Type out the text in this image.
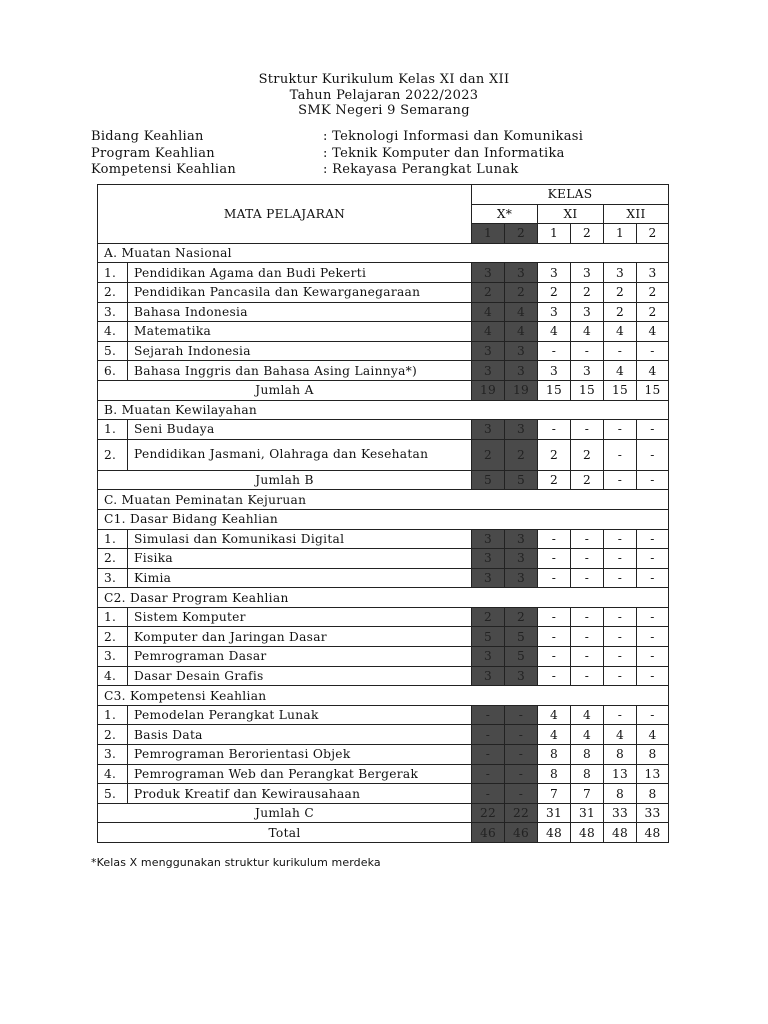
Struktur Kurikulum Kelas XI dan XII
Tahun Pelajaran 2022/2023
SMK Negeri 9 Semarang
Bidang Keahlian	: Teknologi Informasi dan Komunikasi
Program Keahlian	: Teknik Komputer dan Informatika
Kompetensi Keahlian	: Rekayasa Perangkat Lunak
MATA PELAJARAN		KELAS					
		X*		XI		XII	
		1	2	1	2	1	2
A. Muatan Nasional							
1.	Pendidikan Agama dan Budi Pekerti	3	3	3	3	3	3
2.	Pendidikan Pancasila dan Kewarganegaraan	2	2	2	2	2	2
3.	Bahasa Indonesia	4	4	3	3	2	2
4.	Matematika	4	4	4	4	4	4
5.	Sejarah Indonesia	3	3	-	-	-	-
6.	Bahasa Inggris dan Bahasa Asing Lainnya*)	3	3	3	3	4	4
Jumlah A		19	19	15	15	15	15
B. Muatan Kewilayahan							
1.	Seni Budaya	3	3	-	-	-	-
2.	Pendidikan Jasmani, Olahraga dan Kesehatan	2	2	2	2	-	-
Jumlah B		5	5	2	2	-	-
C. Muatan Peminatan Kejuruan							
C1. Dasar Bidang Keahlian							
1.	Simulasi dan Komunikasi Digital	3	3	-	-	-	-
2.	Fisika	3	3	-	-	-	-
3.	Kimia	3	3	-	-	-	-
C2. Dasar Program Keahlian							
1.	Sistem Komputer	2	2	-	-	-	-
2.	Komputer dan Jaringan Dasar	5	5	-	-	-	-
3.	Pemrograman Dasar	3	5	-	-	-	-
4.	Dasar Desain Grafis	3	3	-	-	-	-
C3. Kompetensi Keahlian							
1.	Pemodelan Perangkat Lunak	-	-	4	4	-	-
2.	Basis Data	-	-	4	4	4	4
3.	Pemrograman Berorientasi Objek	-	-	8	8	8	8
4.	Pemrograman Web dan Perangkat Bergerak	-	-	8	8	13	13
5.	Produk Kreatif dan Kewirausahaan	-	-	7	7	8	8
Jumlah C		22	22	31	31	33	33
Total		46	46	48	48	48	48
*Kelas X menggunakan struktur kurikulum merdeka
